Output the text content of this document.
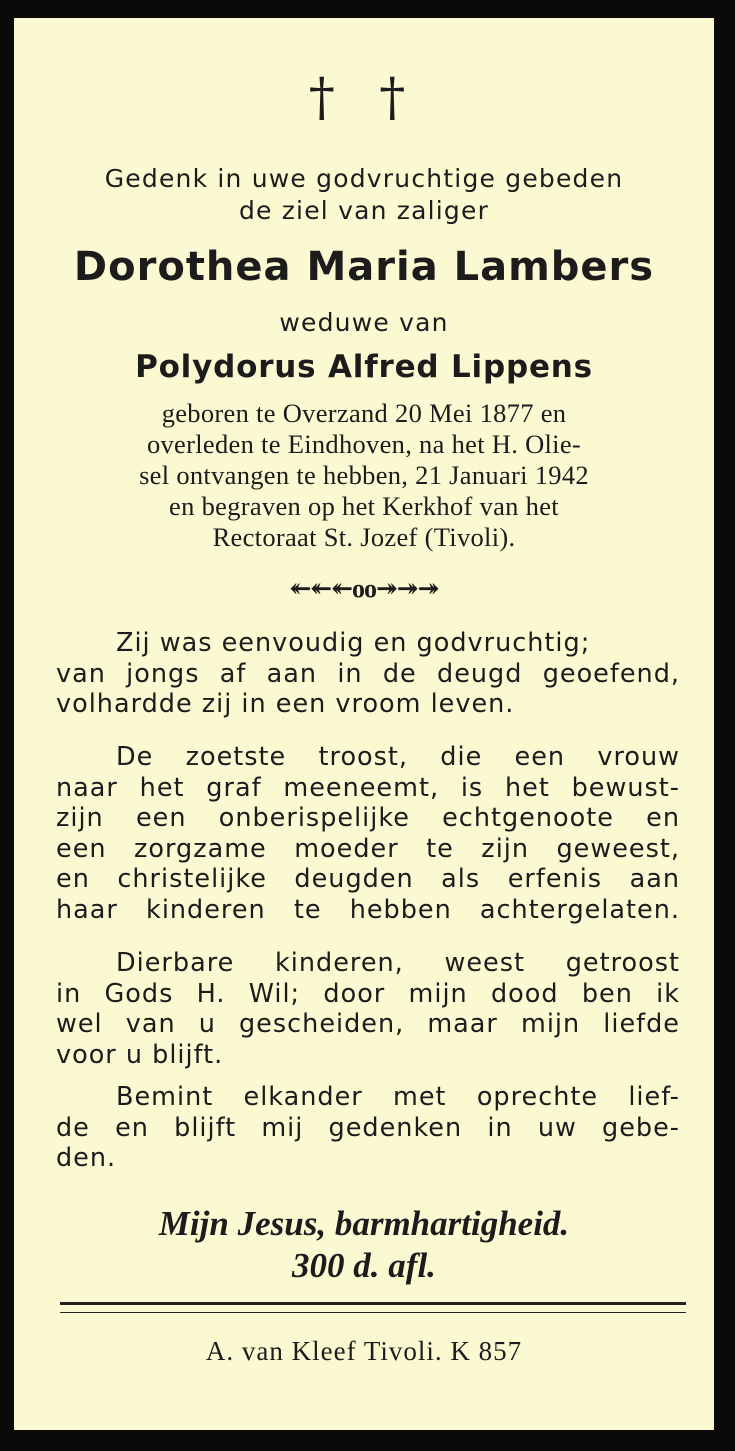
† †
Gedenk in uwe godvruchtige gebeden
de ziel van zaliger
Dorothea Maria Lambers
weduwe van
Polydorus Alfred Lippens
geboren te Overzand 20 Mei 1877 en
overleden te Eindhoven, na het H. Olie-
sel ontvangen te hebben, 21 Januari 1942
en begraven op het Kerkhof van het
Rectoraat St. Jozef (Tivoli).
↞↞↞οο↠↠↠
Zij was eenvoudig en godvruchtig;
van jongs af aan in de deugd geoefend,
volhardde zij in een vroom leven.
De zoetste troost, die een vrouw
naar het graf meeneemt, is het bewust-
zijn een onberispelijke echtgenoote en
een zorgzame moeder te zijn geweest,
en christelijke deugden als erfenis aan
haar kinderen te hebben achtergelaten.
Dierbare kinderen, weest getroost
in Gods H. Wil; door mijn dood ben ik
wel van u gescheiden, maar mijn liefde
voor u blijft.
Bemint elkander met oprechte lief-
de en blijft mij gedenken in uw gebe-
den.
Mijn Jesus, barmhartigheid.
300 d. afl.
A. van Kleef Tivoli. K 857
